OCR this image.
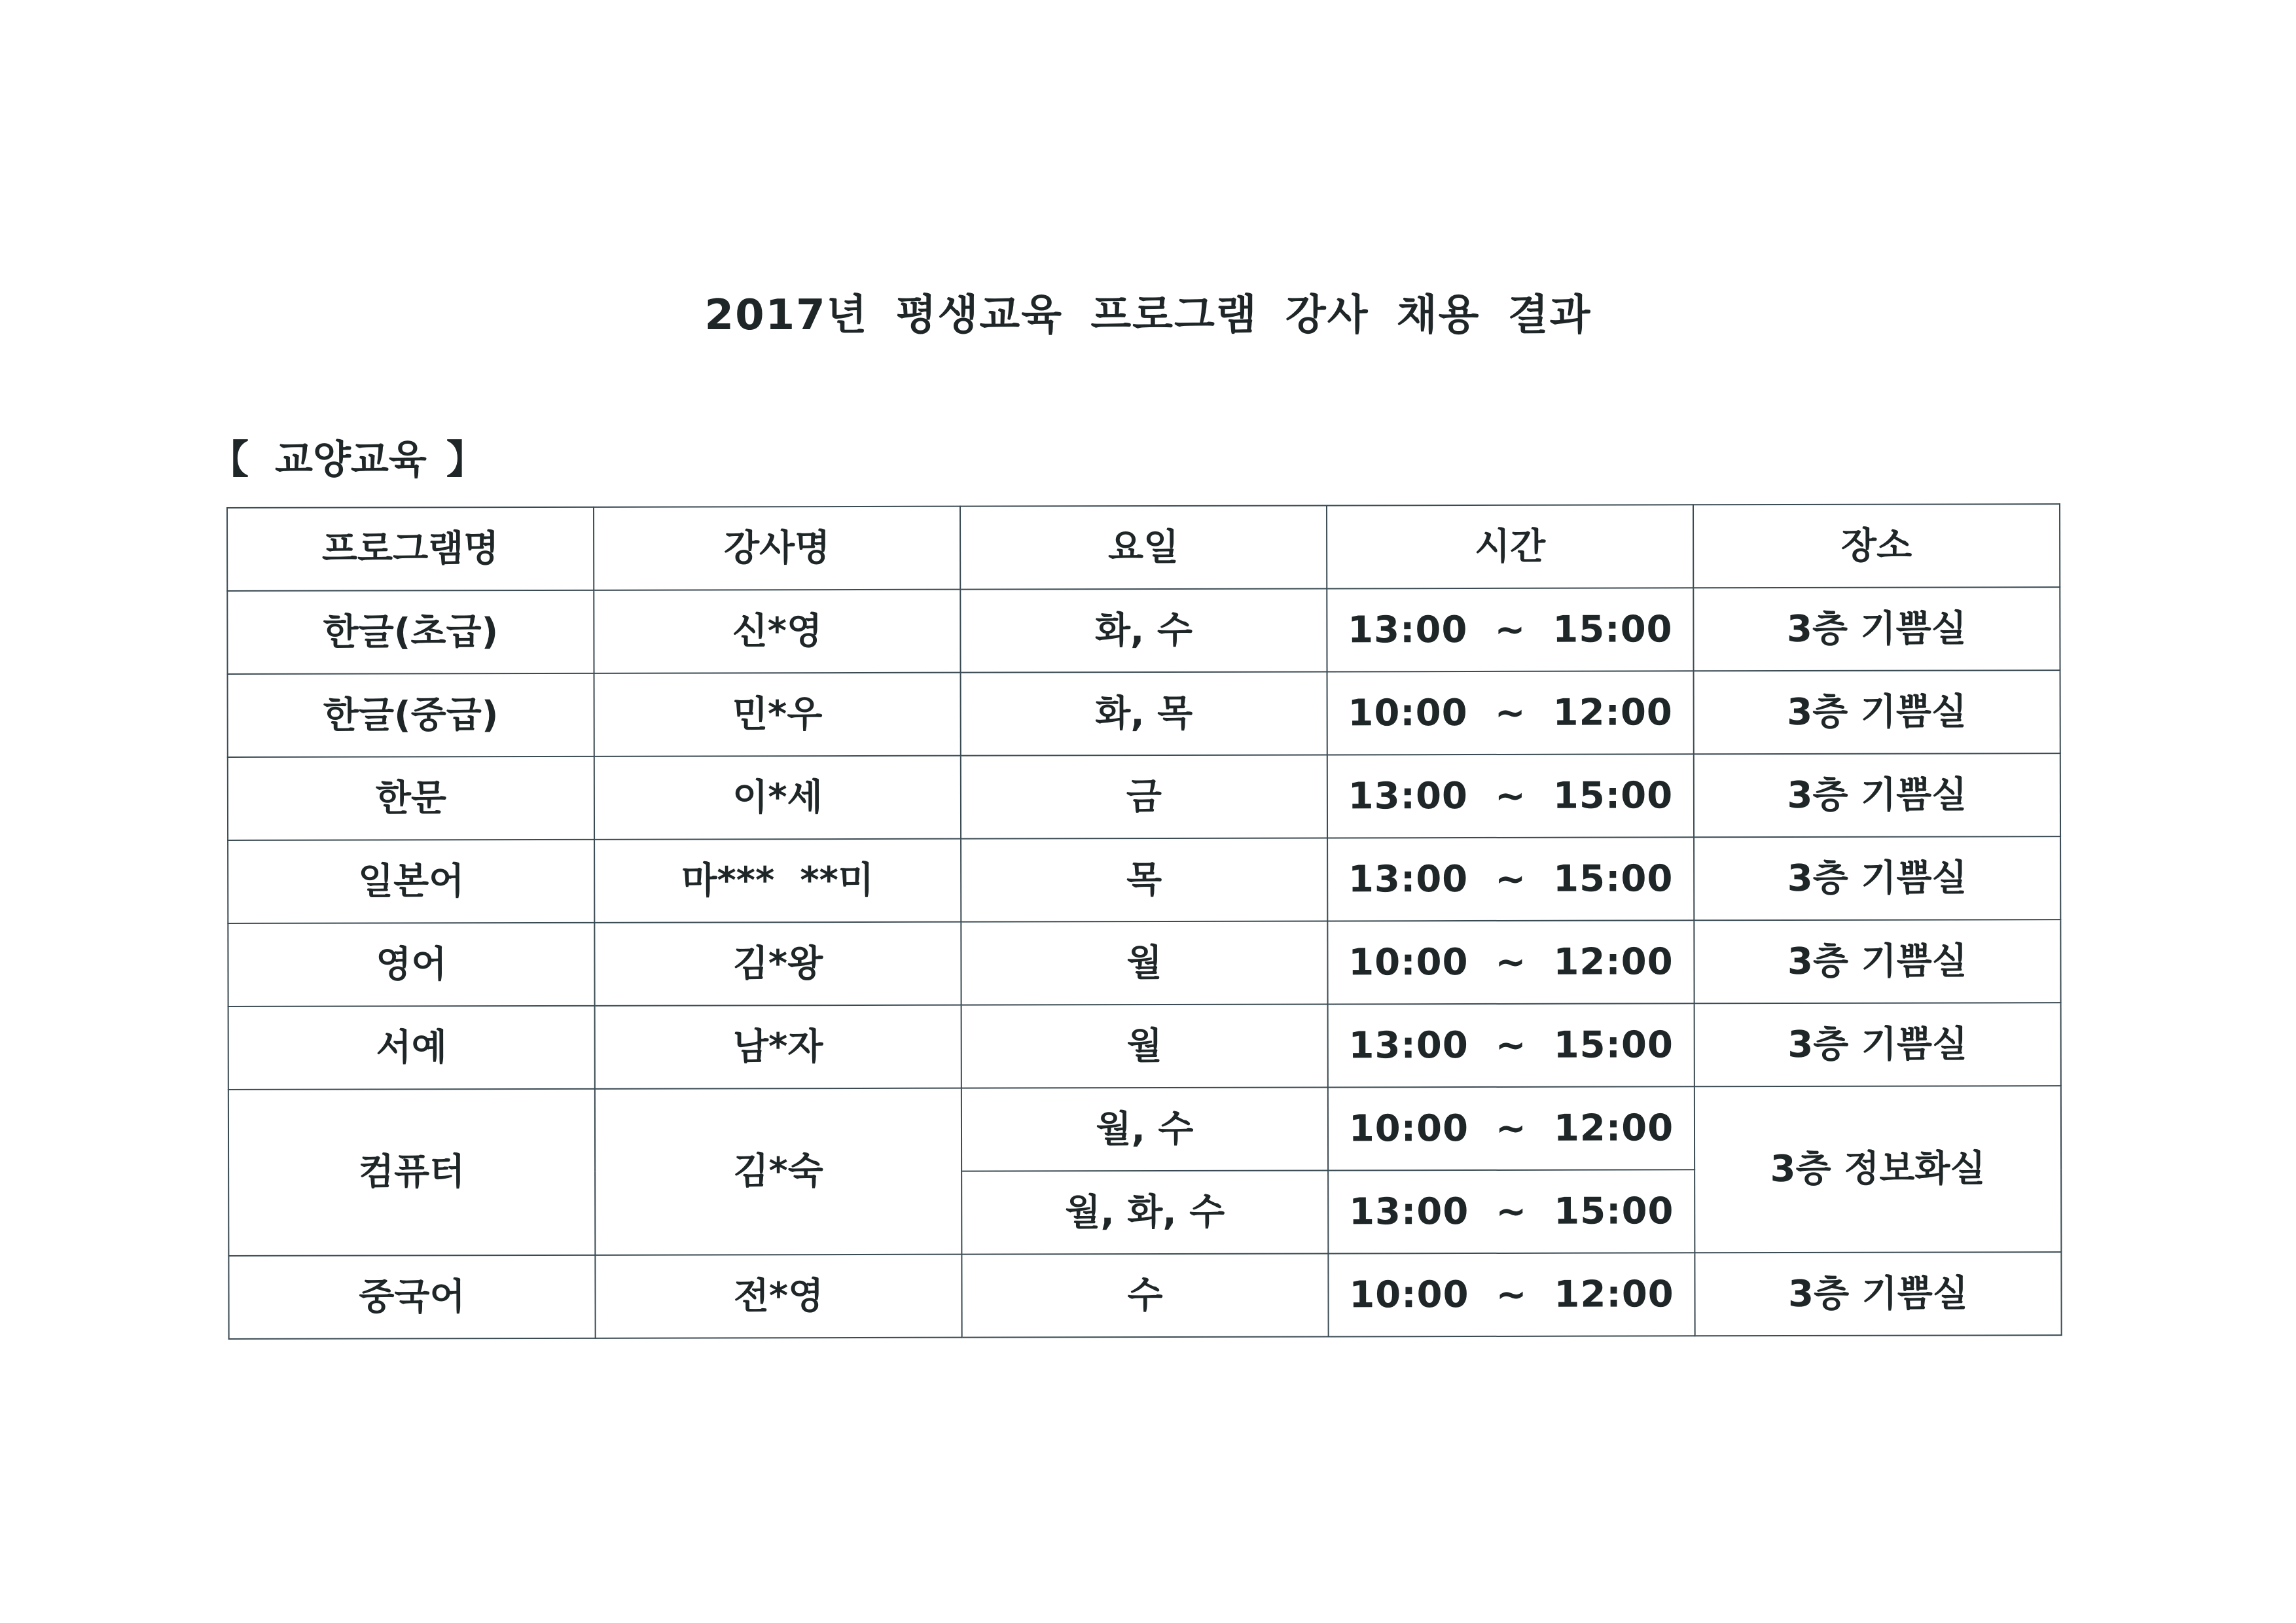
2017년 평생교육 프로그램 강사 채용 결과
【 교양교육 】
프로그램명	강사명	요일	시간	장소
한글(초급)	신*영	화, 수	13:00  ~  15:00	3층 기쁨실
한글(중급)	민*우	화, 목	10:00  ~  12:00	3층 기쁨실
한문	이*세	금	13:00  ~  15:00	3층 기쁨실
일본어	마***  **미	목	13:00  ~  15:00	3층 기쁨실
영어	김*왕	월	10:00  ~  12:00	3층 기쁨실
서예	남*자	월	13:00  ~  15:00	3층 기쁨실
컴퓨터	김*숙	월, 수	10:00  ~  12:00	3층 정보화실
		월, 화, 수	13:00  ~  15:00	
중국어	전*영	수	10:00  ~  12:00	3층 기쁨실
